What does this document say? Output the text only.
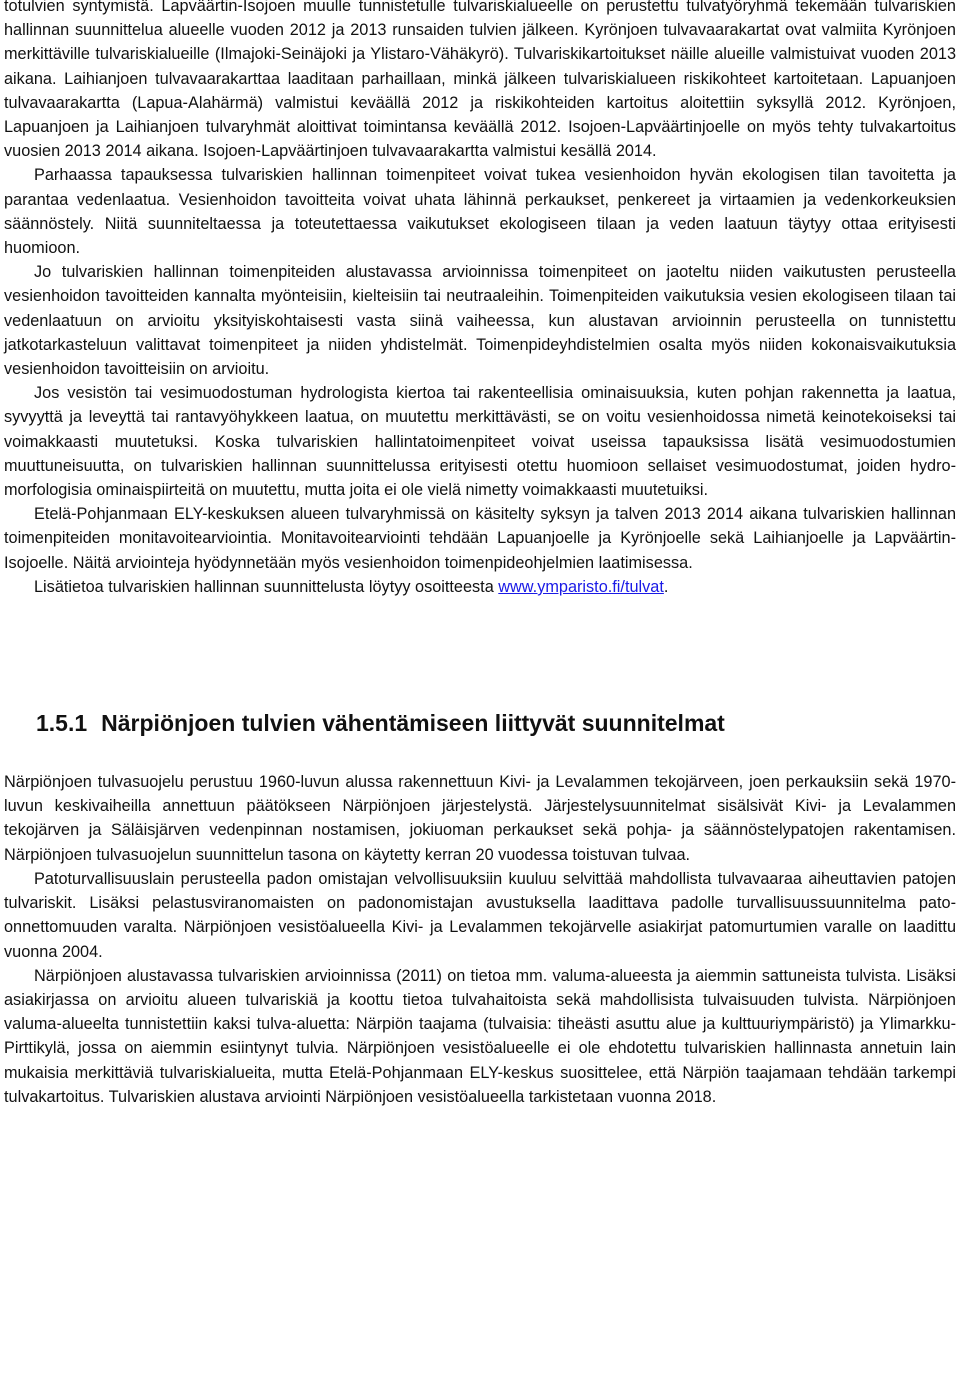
totulvien syntymistä. Lapväärtin-Isojoen muulle tunnistetulle tulvariskialueelle on perustettu tulvatyöryhmä tekemään tulvariskien hallinnan suunnittelua alueelle vuoden 2012 ja 2013 runsaiden tulvien jälkeen. Kyrönjoen tulvavaarakartat ovat valmiita Kyrönjoen merkittäville tulvariskialueille (Ilmajoki-Seinäjoki ja Ylistaro-Vähäkyrö). Tulvariskikartoitukset näille alueille valmistuivat vuoden 2013 aikana. Laihianjoen tulvavaarakarttaa laaditaan parhaillaan, minkä jälkeen tulvariskialueen riskikohteet kartoitetaan. Lapuanjoen tulvavaarakartta (Lapua-Alahärmä) valmistui keväällä 2012 ja riskikohteiden kartoitus aloitettiin syksyllä 2012. Kyrönjoen, Lapuanjoen ja Laihianjoen tulvaryhmät aloittivat toimintansa keväällä 2012. Isojoen-Lapväärtinjoelle on myös tehty tulvakartoitus vuosien 2013 2014 aikana. Isojoen-Lapväärtinjoen tulvavaarakartta valmistui kesällä 2014.

Parhaassa tapauksessa tulvariskien hallinnan toimenpiteet voivat tukea vesienhoidon hyvän ekologisen tilan tavoitetta ja parantaa vedenlaatua. Vesienhoidon tavoitteita voivat uhata lähinnä perkaukset, penkereet ja virtaamien ja vedenkorkeuksien säännöstely. Niitä suunniteltaessa ja toteutettaessa vaikutukset ekologiseen tilaan ja veden laatuun täytyy ottaa erityisesti huomioon.

Jo tulvariskien hallinnan toimenpiteiden alustavassa arvioinnissa toimenpiteet on jaoteltu niiden vaikutusten perusteella vesienhoidon tavoitteiden kannalta myönteisiin, kielteisiin tai neutraaleihin. Toimenpiteiden vaikutuksia vesien ekologiseen tilaan tai vedenlaatuun on arvioitu yksityiskohtaisesti vasta siinä vaiheessa, kun alustavan arvioinnin perusteella on tunnistettu jatkotarkasteluun valittavat toimenpiteet ja niiden yhdistelmät. Toimenpideyhdistelmien osalta myös niiden kokonaisvaikutuksia vesienhoidon tavoitteisiin on arvioitu.

Jos vesistön tai vesimuodostuman hydrologista kiertoa tai rakenteellisia ominaisuuksia, kuten pohjan rakennetta ja laatua, syvyyttä ja leveyttä tai rantavyöhykkeen laatua, on muutettu merkittävästi, se on voitu vesienhoidossa nimetä keinotekoiseksi tai voimakkaasti muutetuksi. Koska tulvariskien hallintatoimenpiteet voivat useissa tapauksissa lisätä vesimuodostumien muuttuneisuutta, on tulvariskien hallinnan suunnittelussa erityisesti otettu huomioon sellaiset vesimuodostumat, joiden hydro-morfologisia ominaispiirteitä on muutettu, mutta joita ei ole vielä nimetty voimakkaasti muutetuiksi.

Etelä-Pohjanmaan ELY-keskuksen alueen tulvaryhmissä on käsitelty syksyn ja talven 2013 2014 aikana tulvariskien hallinnan toimenpiteiden monitavoitearviointia. Monitavoitearviointi tehdään Lapuanjoelle ja Kyrönjoelle sekä Laihianjoelle ja Lapväärtin-Isojoelle. Näitä arviointeja hyödynnetään myös vesienhoidon toimenpideohjelmien laatimisessa.

Lisätietoa tulvariskien hallinnan suunnittelusta löytyy osoitteesta www.ymparisto.fi/tulvat.

1.5.1 Närpiönjoen tulvien vähentämiseen liittyvät suunnitelmat

Närpiönjoen tulvasuojelu perustuu 1960-luvun alussa rakennettuun Kivi- ja Levalammen tekojärveen, joen perkauksiin sekä 1970-luvun keskivaiheilla annettuun päätökseen Närpiönjoen järjestelystä. Järjestelysuunnitelmat sisälsivät Kivi- ja Levalammen tekojärven ja Säläisjärven vedenpinnan nostamisen, jokiuoman perkaukset sekä pohja- ja säännöstelypatojen rakentamisen. Närpiönjoen tulvasuojelun suunnittelun tasona on käytetty kerran 20 vuodessa toistuvan tulvaa.

Patoturvallisuuslain perusteella padon omistajan velvollisuuksiin kuuluu selvittää mahdollista tulvavaaraa aiheuttavien patojen tulvariskit. Lisäksi pelastusviranomaisten on padonomistajan avustuksella laadittava padolle turvallisuussuunnitelma pato-onnettomuuden varalta. Närpiönjoen vesistöalueella Kivi- ja Levalammen tekojärvelle asiakirjat patomurtumien varalle on laadittu vuonna 2004.

Närpiönjoen alustavassa tulvariskien arvioinnissa (2011) on tietoa mm. valuma-alueesta ja aiemmin sattuneista tulvista. Lisäksi asiakirjassa on arvioitu alueen tulvariskiä ja koottu tietoa tulvahaitoista sekä mahdollisista tulvaisuuden tulvista. Närpiönjoen valuma-alueelta tunnistettiin kaksi tulva-aluetta: Närpiön taajama (tulvaisia: tiheästi asuttu alue ja kulttuuriympäristö) ja Ylimarkku-Pirttikylä, jossa on aiemmin esiintynyt tulvia. Närpiönjoen vesistöalueelle ei ole ehdotettu tulvariskien hallinnasta annetuin lain mukaisia merkittäviä tulvariskialueita, mutta Etelä-Pohjanmaan ELY-keskus suosittelee, että Närpiön taajamaan tehdään tarkempi tulvakartoitus. Tulvariskien alustava arviointi Närpiönjoen vesistöalueella tarkistetaan vuonna 2018.
